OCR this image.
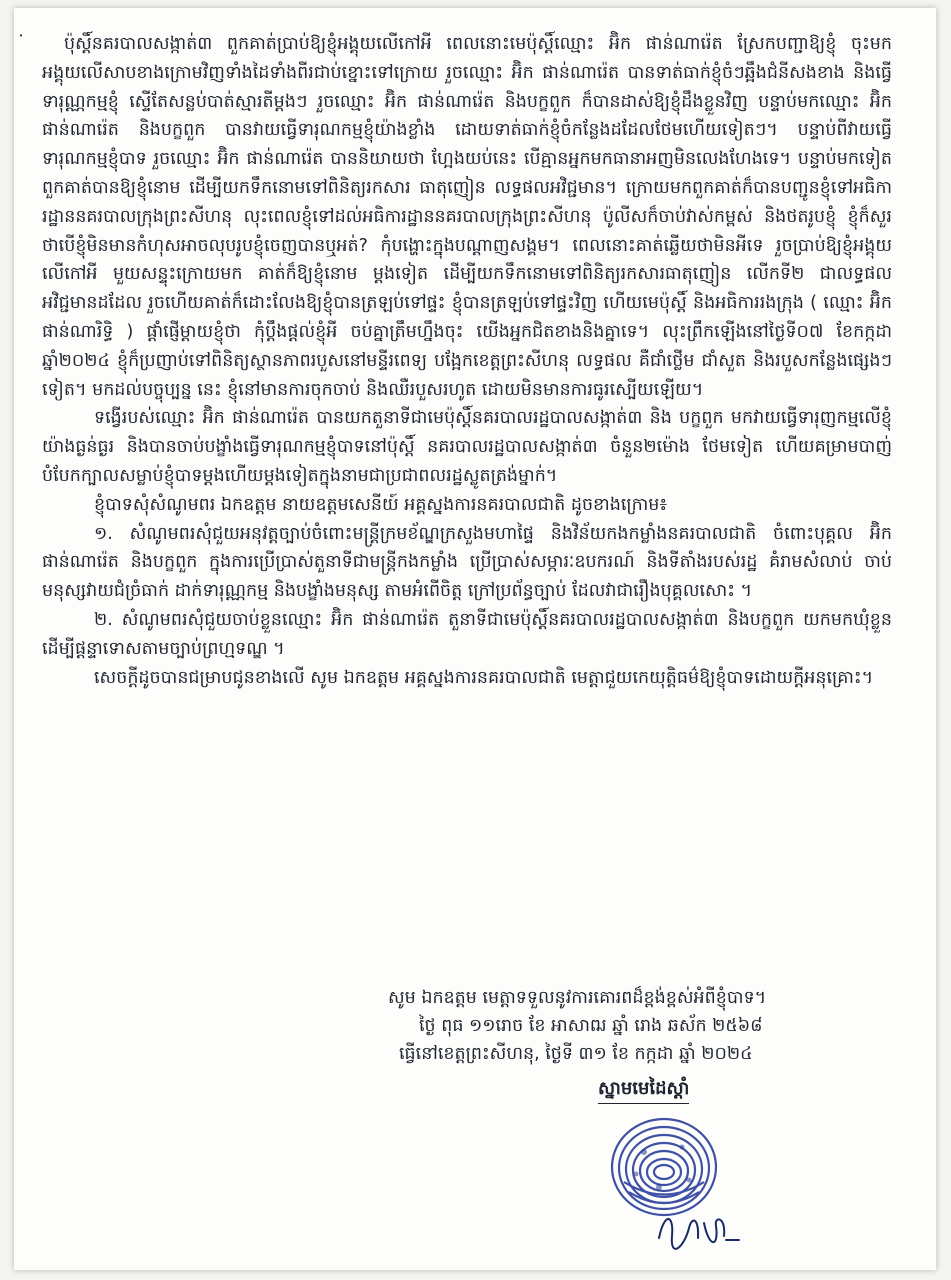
ॱ	ប៉ុស្តិ៍នគរបាលសង្កាត់៣ ពួកគាត់ប្រាប់ឱ្យខ្ញុំអង្គុយលើកៅអី ពេលនោះមេប៉ុស្តិ៍ឈ្មោះ អ៊ិក ផាន់ណារ៉េត ស្រែកបញ្ជាឱ្យខ្ញុំ ចុះមកអង្គុយលើសាបខាងក្រោមវិញទាំងដៃទាំងពីរជាប់ខ្នោះទៅក្រោយ រួចឈ្មោះ អ៊ិក ផាន់ណារ៉េត បានទាត់ធាក់ខ្ញុំចំៗឆ្អឹងជំនីសងខាង និងធ្វើទារុណ្ណកម្មខ្ញុំ ស្ទើតែសន្លប់បាត់ស្មារតីម្តងៗ រួចឈ្មោះ អ៊ិក ផាន់ណារ៉េត និងបក្ខពួក ក៏បានដាស់ឱ្យខ្ញុំដឹងខ្លួនវិញ បន្ទាប់មកឈ្មោះ អ៊ិក ផាន់ណារ៉េត និងបក្ខពួក បានវាយធ្វើទារុណកម្មខ្ញុំយ៉ាងខ្លាំង ដោយទាត់ធាក់ខ្ញុំចំកន្លែងដដែលថែមហើយទៀតៗ។ បន្ទាប់ពីវាយធ្វើទារុណកម្មខ្ញុំបាទ រួចឈ្មោះ អ៊ិក ផាន់ណារ៉េត បាននិយាយថា ហ្អែងយប់នេះ បើគ្មានអ្នកមកធានាអញមិនលេងហែងទេ។ បន្ទាប់មកទៀតពួកគាត់បានឱ្យខ្ញុំនោម ដើម្បីយកទឹកនោមទៅពិនិត្យរកសារ ធាតុញៀន លទ្ធផលអវិជ្ជមាន។ ក្រោយមកពួកគាត់ក៏បានបញ្ជូនខ្ញុំទៅអធិការដ្ឋាននគរបាលក្រុងព្រះសីហនុ លុះពេលខ្ញុំទៅដល់អធិការដ្ឋាននគរបាលក្រុងព្រះសីហនុ ប៉ូលីសក៏ចាប់វាស់កម្ពស់ និងថតរូបខ្ញុំ ខ្ញុំក៏សួរថាបើខ្ញុំមិនមានកំហុសអាចលុបរូបខ្ញុំចេញបានឬអត់? កុំបង្ហោះក្នុងបណ្តាញសង្គម។ ពេលនោះគាត់ឆ្លើយថាមិនអីទេ រួចប្រាប់ឱ្យខ្ញុំអង្គុយលើកៅអី មួយសន្ទុះក្រោយមក គាត់ក៏ឱ្យខ្ញុំនោម ម្តងទៀត ដើម្បីយកទឹកនោមទៅពិនិត្យរកសារធាតុញៀន លើកទី២ ជាលទ្ធផល អវិជ្ជមានដដែល រួចហើយគាត់ក៏ដោះលែងឱ្យខ្ញុំបានត្រឡប់ទៅផ្ទះ ខ្ញុំបានត្រឡប់ទៅផ្ទះវិញ ហើយមេប៉ុស្តិ៍ និងអធិការរងក្រុង ( ឈ្មោះ អ៊ិក ផាន់ណារិទ្ធិ ) ផ្តាំផ្ញើម្តាយខ្ញុំថា កុំប្តឹងផ្តល់ខ្ញុំអី ចប់គ្នាត្រឹមហ្នឹងចុះ យើងអ្នកជិតខាងនិងគ្នាទេ។ លុះព្រឹកឡើងនៅថ្ងៃទី០៧ ខែកក្កដា ឆ្នាំ២០២៤ ខ្ញុំក៏ប្រញាប់ទៅពិនិត្យស្ថានភាពរបួសនៅមន្ទីរពេទ្យ បង្អែកខេត្តព្រះសីហនុ លទ្ធផល គឺជាំថ្លើម ជាំសួត និងរបួសកន្លែងផ្សេងៗទៀត។ មកដល់បច្ចុប្បន្ន នេះ ខ្ញុំនៅមានការចុកចាប់ និងឈឺរបួសរហូត ដោយមិនមានការធូរស្បើយឡើយ។

ទង្វើរបស់ឈ្មោះ អ៊ិក ផាន់ណារ៉េត បានយកតួនាទីជាមេប៉ុស្តិ៍នគរបាលរដ្ឋបាលសង្កាត់៣ និង បក្ខពួក មកវាយធ្វើទារុញកម្មលើខ្ញុំយ៉ាងធ្ងន់ធ្ងរ និងបានចាប់បង្ខាំងធ្វើទារុណកម្មខ្ញុំបាទនៅប៉ុស្តិ៍ នគរបាលរដ្ឋបាលសង្កាត់៣ ចំនួន២ម៉ោង ថែមទៀត ហើយគម្រាមបាញ់បំបែកក្បាលសម្លាប់ខ្ញុំបាទម្តងហើយម្តងទៀតក្នុងនាមជាប្រជាពលរដ្ឋស្លូតត្រង់ម្នាក់។

ខ្ញុំបាទសុំសំណូមពរ ឯកឧត្តម នាយឧត្តមសេនីយ៍ អគ្គស្នងការនគរបាលជាតិ ដូចខាងក្រោម៖

១. សំណូមពរសុំជួយអនុវត្តច្បាប់ចំពោះមន្ត្រីក្រមខ័ណ្ឌក្រសួងមហាផ្ទៃ និងវិន័យកងកម្លាំងនគរបាលជាតិ ចំពោះបុគ្គល អ៊ិក ផាន់ណារ៉េត និងបក្ខពួក ក្នុងការប្រើប្រាស់តួនាទីជាមន្ត្រីកងកម្លាំង ប្រើប្រាស់សម្ភារៈឧបករណ៍ និងទីតាំងរបស់រដ្ឋ គំរាមសំលាប់ ចាប់មនុស្សវាយជំច្រំធាក់ ដាក់ទារុណ្ណកម្ម និងបង្ខាំងមនុស្ស តាមអំពើចិត្ត ក្រៅប្រព័ន្ធច្បាប់ ដែលវាជារឿងបុគ្គលសោះ ។

២. សំណូមពរសុំជួយចាប់ខ្លួនឈ្មោះ អ៊ិក ផាន់ណារ៉េត តួនាទីជាមេប៉ុស្តិ៍នគរបាលរដ្ឋបាលសង្កាត់៣ និងបក្ខពួក យកមកឃុំខ្លួន ដើម្បីផ្តន្ទាទោសតាមច្បាប់ព្រហ្មទណ្ឌ ។

សេចក្តីដូចបានជម្រាបជូនខាងលើ សូម ឯកឧត្តម អគ្គស្នងការនគរបាលជាតិ មេត្តាជួយកេយុត្តិធម៌ឱ្យខ្ញុំបាទដោយក្តីអនុគ្រោះ។

សូម ឯកឧត្តម មេត្តាទទួលនូវការគោរពដ៏ខ្ពង់ខ្ពស់អំពីខ្ញុំបាទ។
ថ្ងៃ ពុធ ១១រោច ខែ អាសាឍ ឆ្នាំ រោង ឆស័ក ២៥៦៨
ធ្វើនៅខេត្តព្រះសីហនុ, ថ្ងៃទី ៣១ ខែ កក្កដា ឆ្នាំ ២០២៤
ស្នាមមេដៃស្តាំ
